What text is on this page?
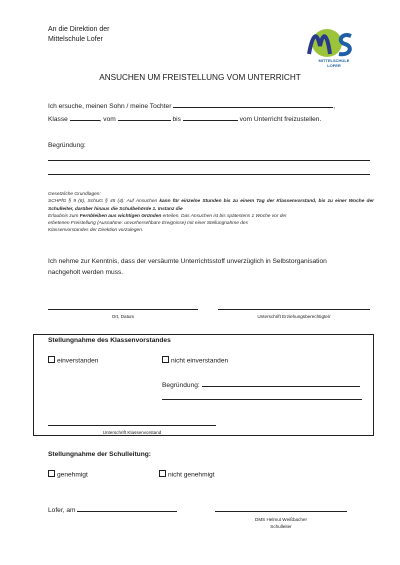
An die Direktion der
Mittelschule Lofer
MITTELSCHULE
LOFER
ANSUCHEN UM FREISTELLUNG VOM UNTERRICHT
Ich ersuche, meinen Sohn / meine Tochter	,
Klasse	, vom	bis	vom Unterricht freizustellen.
Begründung:
Gesetzliche Grundlagen:
SCHPfG § 9 (6), SchUG § 45 (4): Auf Ansuchen kann für einzelne Stunden bis zu einem Tag der Klassenvorstand, bis zu einer Woche der Schulleiter, darüber hinaus die Schulbehörde 1. Instanz die
Erlaubnis zum Fernbleiben aus wichtigen Gründen erteilen. Das Ansuchen ist bis spätestens 1 Woche vor der
erbetenen Freistellung (Ausnahme: unvorhersehbare Ereignisse) mit einer Stellungnahme des
Klassenvorstandes der Direktion vorzulegen.
Ich nehme zur Kenntnis, dass der versäumte Unterrichtsstoff unverzüglich in Selbstorganisation
nachgeholt werden muss.
Ort, Datum	Unterschrift Erziehungsberechtigte/r
Stellungnahme des Klassenvorstandes
einverstanden	nicht einverstanden
Begründung:
Unterschrift Klassenvorstand
Stellungnahme der Schulleitung:
genehmigt	nicht genehmigt
Lofer, am
DMS Helmut Weißbacher
Schulleiter
